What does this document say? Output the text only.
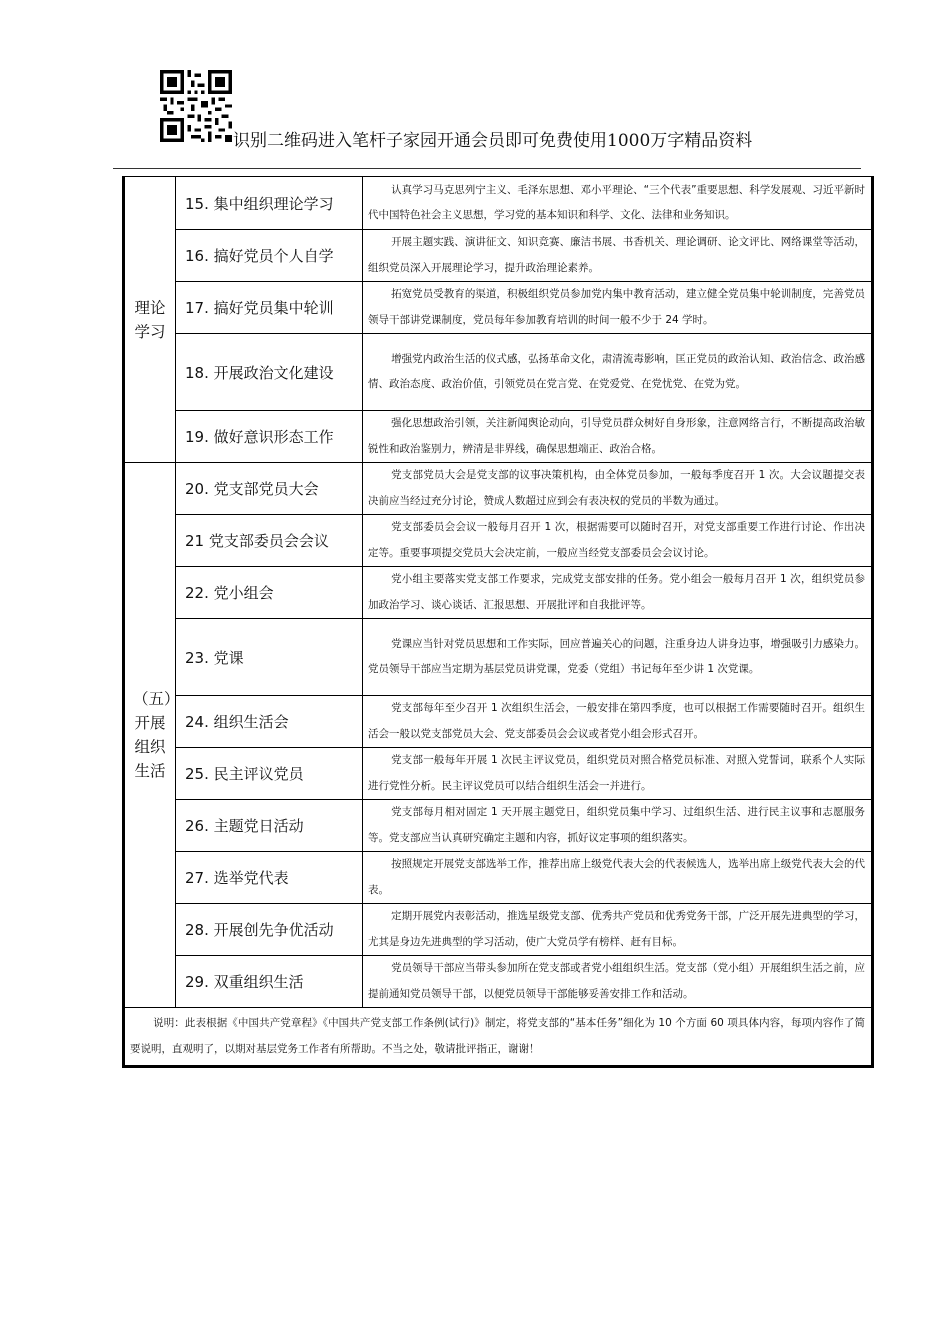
识别二维码进入笔杆子家园开通会员即可免费使用1000万字精品资料
理论学习	15. 集中组织理论学习	认真学习马克思列宁主义、毛泽东思想、邓小平理论、“三个代表”重要思想、科学发展观、习近平新时代中国特色社会主义思想，学习党的基本知识和科学、文化、法律和业务知识。
	16. 搞好党员个人自学	开展主题实践、演讲征文、知识竞赛、廉洁书展、书香机关、理论调研、论文评比、网络课堂等活动，组织党员深入开展理论学习，提升政治理论素养。
	17. 搞好党员集中轮训	拓宽党员受教育的渠道，积极组织党员参加党内集中教育活动，建立健全党员集中轮训制度，完善党员领导干部讲党课制度，党员每年参加教育培训的时间一般不少于 24 学时。
	18. 开展政治文化建设	增强党内政治生活的仪式感，弘扬革命文化，肃清流毒影响，匡正党员的政治认知、政治信念、政治感情、政治态度、政治价值，引领党员在党言党、在党爱党、在党忧党、在党为党。
	19. 做好意识形态工作	强化思想政治引领，关注新闻舆论动向，引导党员群众树好自身形象，注意网络言行，不断提高政治敏锐性和政治鉴别力，辨清是非界线，确保思想端正、政治合格。
（五）开展组织生活	20. 党支部党员大会	党支部党员大会是党支部的议事决策机构，由全体党员参加，一般每季度召开 1 次。大会议题提交表决前应当经过充分讨论，赞成人数超过应到会有表决权的党员的半数为通过。
	21 党支部委员会会议	党支部委员会会议一般每月召开 1 次，根据需要可以随时召开，对党支部重要工作进行讨论、作出决定等。重要事项提交党员大会决定前，一般应当经党支部委员会会议讨论。
	22. 党小组会	党小组主要落实党支部工作要求，完成党支部安排的任务。党小组会一般每月召开 1 次，组织党员参加政治学习、谈心谈话、汇报思想、开展批评和自我批评等。
	23. 党课	党课应当针对党员思想和工作实际，回应普遍关心的问题，注重身边人讲身边事，增强吸引力感染力。党员领导干部应当定期为基层党员讲党课，党委（党组）书记每年至少讲 1 次党课。
	24. 组织生活会	党支部每年至少召开 1 次组织生活会，一般安排在第四季度，也可以根据工作需要随时召开。组织生活会一般以党支部党员大会、党支部委员会会议或者党小组会形式召开。
	25. 民主评议党员	党支部一般每年开展 1 次民主评议党员，组织党员对照合格党员标准、对照入党誓词，联系个人实际进行党性分析。民主评议党员可以结合组织生活会一并进行。
	26. 主题党日活动	党支部每月相对固定 1 天开展主题党日，组织党员集中学习、过组织生活、进行民主议事和志愿服务等。党支部应当认真研究确定主题和内容，抓好议定事项的组织落实。
	27. 选举党代表	按照规定开展党支部选举工作，推荐出席上级党代表大会的代表候选人，选举出席上级党代表大会的代表。
	28. 开展创先争优活动	定期开展党内表彰活动，推选星级党支部、优秀共产党员和优秀党务干部，广泛开展先进典型的学习，尤其是身边先进典型的学习活动，使广大党员学有榜样、赶有目标。
	29. 双重组织生活	党员领导干部应当带头参加所在党支部或者党小组组织生活。党支部（党小组）开展组织生活之前，应提前通知党员领导干部，以便党员领导干部能够妥善安排工作和活动。
说明：此表根据《中国共产党章程》《中国共产党支部工作条例(试行)》制定，将党支部的“基本任务”细化为 10 个方面 60 项具体内容，每项内容作了简要说明，直观明了，以期对基层党务工作者有所帮助。不当之处，敬请批评指正，谢谢！		
